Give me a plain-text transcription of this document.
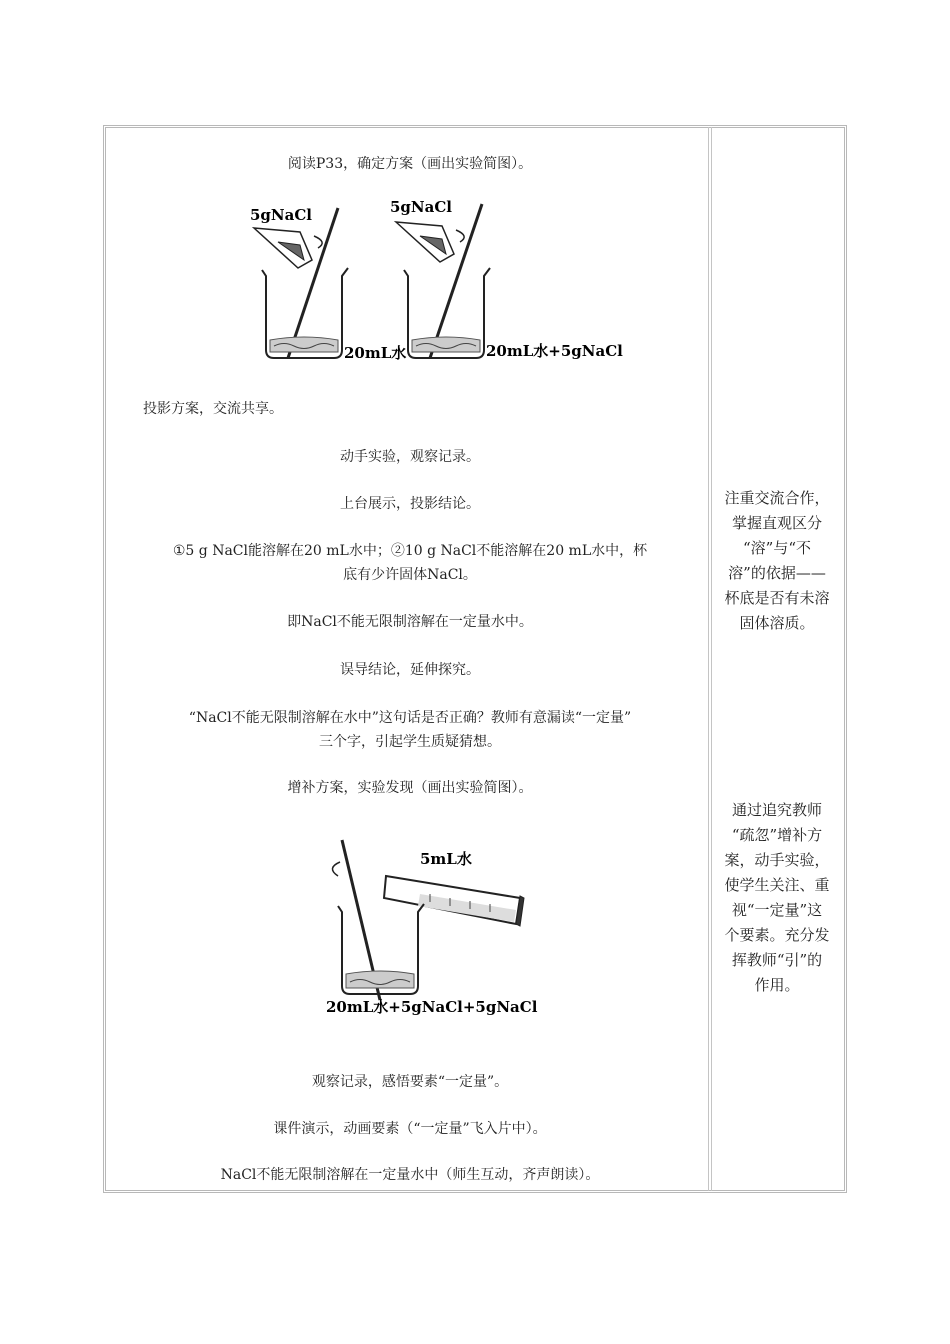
阅读P33，确定方案（画出实验简图）。
5gNaCl
20mL水
5gNaCl
20mL水+5gNaCl
投影方案，交流共享。
动手实验，观察记录。
上台展示，投影结论。
①5 g NaCl能溶解在20 mL水中；②10 g NaCl不能溶解在20 mL水中，杯
底有少许固体NaCl。
即NaCl不能无限制溶解在一定量水中。
误导结论，延伸探究。
“NaCl不能无限制溶解在水中”这句话是否正确？教师有意漏读“一定量”
三个字，引起学生质疑猜想。
增补方案，实验发现（画出实验简图）。
5mL水
20mL水+5gNaCl+5gNaCl
观察记录，感悟要素“一定量”。
课件演示，动画要素（“一定量”飞入片中）。
NaCl不能无限制溶解在一定量水中（师生互动，齐声朗读）。
注重交流合作，
掌握直观区分
“溶”与“不
溶”的依据——
杯底是否有未溶
固体溶质。
通过追究教师
“疏忽”增补方
案，动手实验，
使学生关注、重
视“一定量”这
个要素。充分发
挥教师“引”的
作用。
